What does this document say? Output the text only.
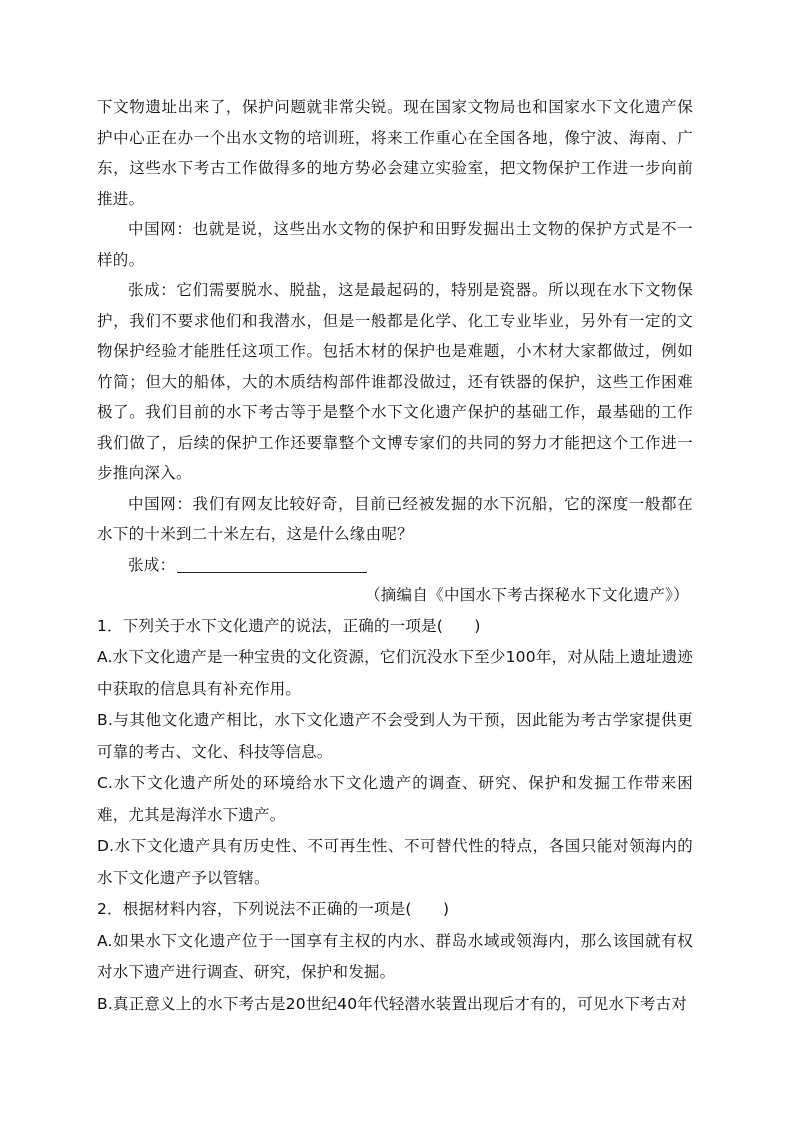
下文物遗址出来了，保护问题就非常尖锐。现在国家文物局也和国家水下文化遗产保护中心正在办一个出水文物的培训班，将来工作重心在全国各地，像宁波、海南、广东，这些水下考古工作做得多的地方势必会建立实验室，把文物保护工作进一步向前推进。

中国网：也就是说，这些出水文物的保护和田野发掘出土文物的保护方式是不一样的。

张成：它们需要脱水、脱盐，这是最起码的，特别是瓷器。所以现在水下文物保护，我们不要求他们和我潜水，但是一般都是化学、化工专业毕业，另外有一定的文物保护经验才能胜任这项工作。包括木材的保护也是难题，小木材大家都做过，例如竹简；但大的船体，大的木质结构部件谁都没做过，还有铁器的保护，这些工作困难极了。我们目前的水下考古等于是整个水下文化遗产保护的基础工作，最基础的工作我们做了，后续的保护工作还要靠整个文博专家们的共同的努力才能把这个工作进一步推向深入。

中国网：我们有网友比较好奇，目前已经被发掘的水下沉船，它的深度一般都在水下的十米到二十米左右，这是什么缘由呢？

张成：

（摘编自《中国水下考古探秘水下文化遗产》）

1．下列关于水下文化遗产的说法，正确的一项是(　　)

A.水下文化遗产是一种宝贵的文化资源，它们沉没水下至少100年，对从陆上遗址遗迹中获取的信息具有补充作用。

B.与其他文化遗产相比，水下文化遗产不会受到人为干预，因此能为考古学家提供更可靠的考古、文化、科技等信息。

C.水下文化遗产所处的环境给水下文化遗产的调查、研究、保护和发掘工作带来困难，尤其是海洋水下遗产。

D.水下文化遗产具有历史性、不可再生性、不可替代性的特点，各国只能对领海内的水下文化遗产予以管辖。

2．根据材料内容，下列说法不正确的一项是(　　)

A.如果水下文化遗产位于一国享有主权的内水、群岛水域或领海内，那么该国就有权对水下遗产进行调查、研究，保护和发掘。

B.真正意义上的水下考古是20世纪40年代轻潜水装置出现后才有的，可见水下考古对
